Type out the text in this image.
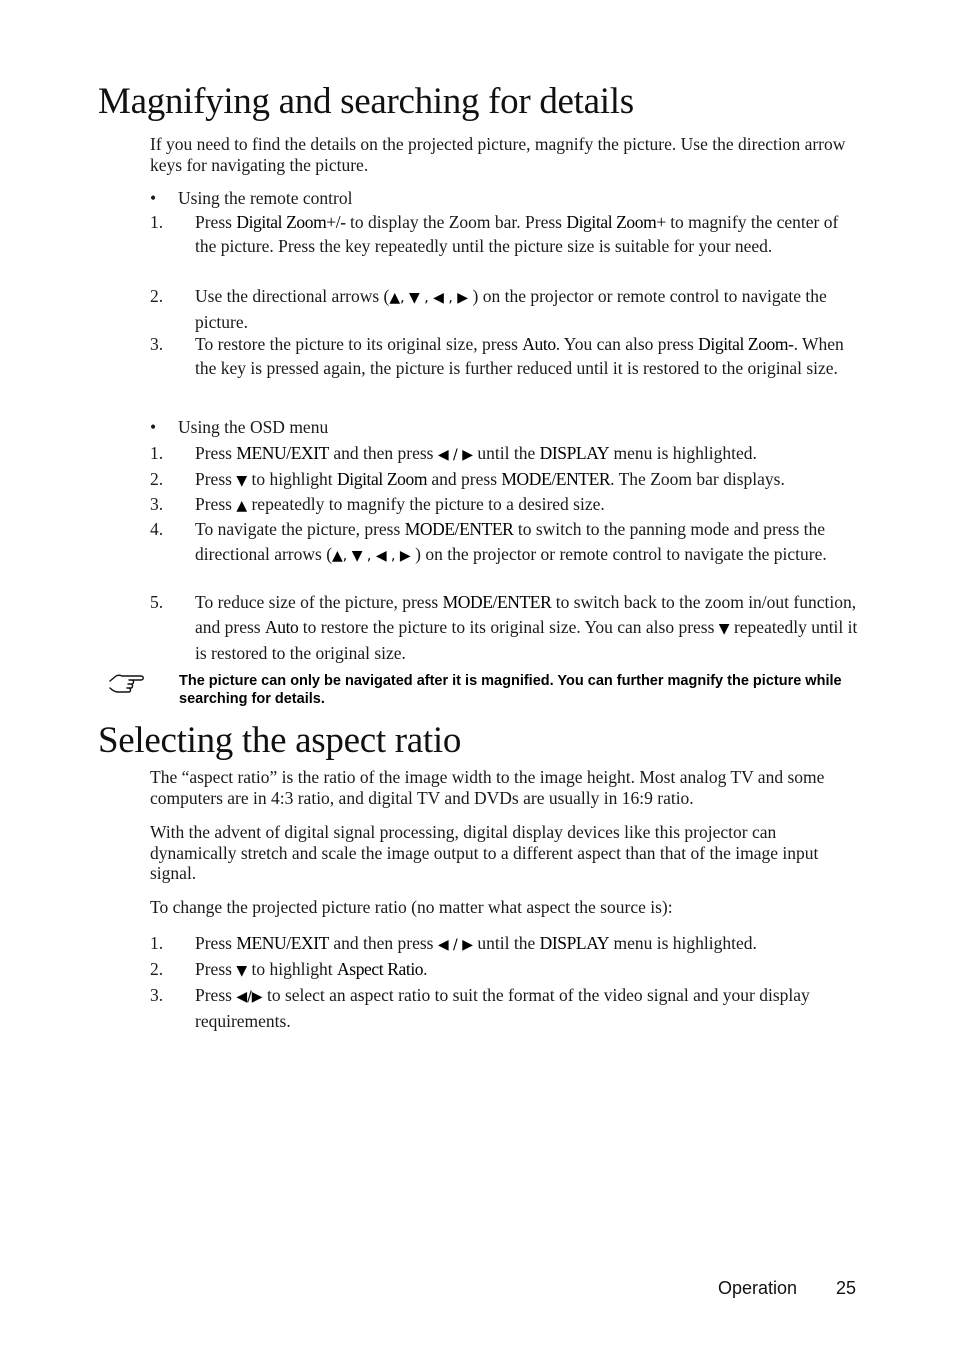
Magnifying and searching for details

If you need to find the details on the projected picture, magnify the picture. Use the direction arrow keys for navigating the picture.

• Using the remote control

1.	Press Digital Zoom+/- to display the Zoom bar. Press Digital Zoom+ to magnify the center of the picture. Press the key repeatedly until the picture size is suitable for your need.
2.	Use the directional arrows (▲, ▼ , ◀ , ▶ ) on the projector or remote control to navigate the picture.
3.	To restore the picture to its original size, press Auto. You can also press Digital Zoom-. When the key is pressed again, the picture is further reduced until it is restored to the original size.

• Using the OSD menu

1.	Press MENU/EXIT and then press ◀ / ▶ until the DISPLAY menu is highlighted.
2.	Press ▼ to highlight Digital Zoom and press MODE/ENTER. The Zoom bar displays.
3.	Press ▲ repeatedly to magnify the picture to a desired size.
4.	To navigate the picture, press MODE/ENTER to switch to the panning mode and press the directional arrows (▲, ▼ , ◀ , ▶ ) on the projector or remote control to navigate the picture.
5.	To reduce size of the picture, press MODE/ENTER to switch back to the zoom in/out function, and press Auto to restore the picture to its original size. You can also press ▼ repeatedly until it is restored to the original size.
The picture can only be navigated after it is magnified. You can further magnify the picture while searching for details.
Selecting the aspect ratio

The “aspect ratio” is the ratio of the image width to the image height. Most analog TV and some computers are in 4:3 ratio, and digital TV and DVDs are usually in 16:9 ratio.

With the advent of digital signal processing, digital display devices like this projector can dynamically stretch and scale the image output to a different aspect than that of the image input signal.

To change the projected picture ratio (no matter what aspect the source is):

1.	Press MENU/EXIT and then press ◀ / ▶ until the DISPLAY menu is highlighted.
2.	Press ▼ to highlight Aspect Ratio.
3.	Press ◀/▶ to select an aspect ratio to suit the format of the video signal and your display requirements.
Operation 25
